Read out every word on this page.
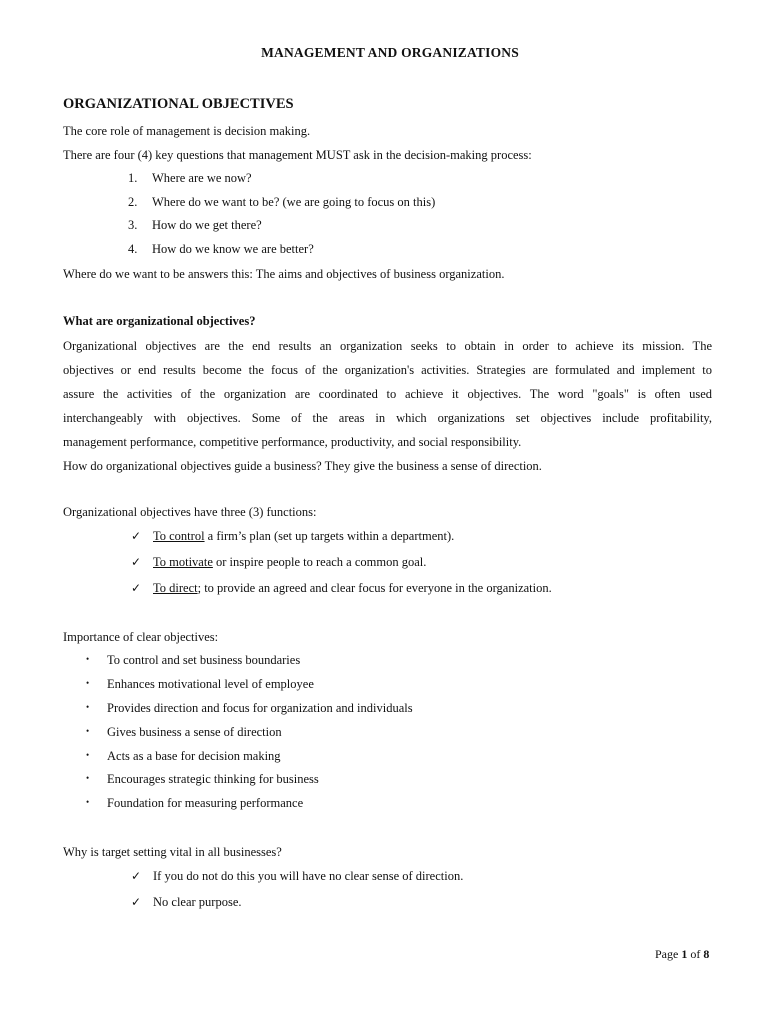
MANAGEMENT AND ORGANIZATIONS
ORGANIZATIONAL OBJECTIVES
The core role of management is decision making.
There are four (4) key questions that management MUST ask in the decision-making process:
1. Where are we now?
2. Where do we want to be? (we are going to focus on this)
3. How do we get there?
4. How do we know we are better?
Where do we want to be answers this: The aims and objectives of business organization.
What are organizational objectives?

Organizational objectives are the end results an organization seeks to obtain in order to achieve its mission. The

objectives or end results become the focus of the organization's activities. Strategies are formulated and implement to

assure the activities of the organization are coordinated to achieve it objectives. The word "goals" is often used

interchangeably with objectives. Some of the areas in which organizations set objectives include profitability,

management performance, competitive performance, productivity, and social responsibility.

How do organizational objectives guide a business? They give the business a sense of direction.

Organizational objectives have three (3) functions:
✓ To control a firm’s plan (set up targets within a department).
✓ To motivate or inspire people to reach a common goal.
✓ To direct; to provide an agreed and clear focus for everyone in the organization.
Importance of clear objectives:
• To control and set business boundaries
• Enhances motivational level of employee
• Provides direction and focus for organization and individuals
• Gives business a sense of direction
• Acts as a base for decision making
• Encourages strategic thinking for business
• Foundation for measuring performance
Why is target setting vital in all businesses?
✓ If you do not do this you will have no clear sense of direction.
✓ No clear purpose.
Page 1 of 8
